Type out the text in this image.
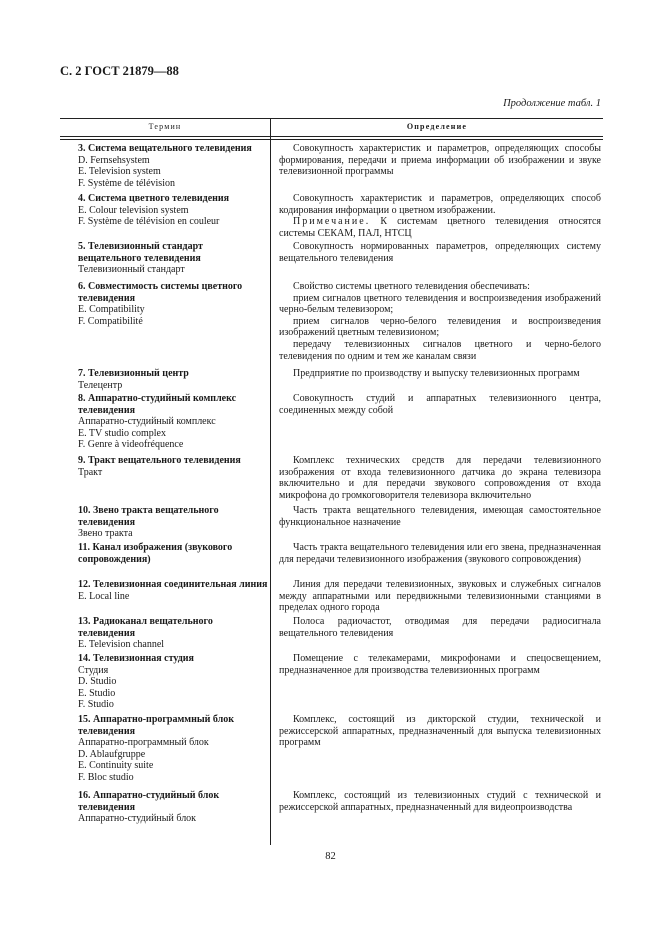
С. 2 ГОСТ 21879—88
Продолжение табл. 1
Термин	Определение
3. Система вещательного телевидения
D. Fernsehsystem
E. Television system
F. Système de télévision
Совокупность характеристик и параметров, определяющих способы формирования, передачи и приема информации об изображении и звуке телевизионной программы
4. Система цветного телевидения
E. Colour television system
F. Système de télévision en couleur
Совокупность характеристик и параметров, определяющих способ кодирования информации о цветном изображении.
Примечание. К системам цветного телевидения относятся системы СЕКАМ, ПАЛ, НТСЦ
5. Телевизионный стандарт вещательного телевидения
Телевизионный стандарт
Совокупность нормированных параметров, определяющих систему вещательного телевидения
6. Совместимость системы цветного телевидения
E. Compatibility
F. Compatibilité
Свойство системы цветного телевидения обеспечивать:
прием сигналов цветного телевидения и воспроизведения изображений черно-белым телевизором;
прием сигналов черно-белого телевидения и воспроизведения изображений цветным телевизионом;
передачу телевизионных сигналов цветного и черно-белого телевидения по одним и тем же каналам связи
7. Телевизионный центр
Телецентр
Предприятие по производству и выпуску телевизионных программ
8. Аппаратно-студийный комплекс телевидения
Аппаратно-студийный комплекс
E. TV studio complex
F. Genre à videofréquence
Совокупность студий и аппаратных телевизионного центра, соединенных между собой
9. Тракт вещательного телевидения
Тракт
Комплекс технических средств для передачи телевизионного изображения от входа телевизионного датчика до экрана телевизора включительно и для передачи звукового сопровождения от входа микрофона до громкоговорителя телевизора включительно
10. Звено тракта вещательного телевидения
Звено тракта
Часть тракта вещательного телевидения, имеющая самостоятельное функциональное назначение
11. Канал изображения (звукового сопровождения)
Часть тракта вещательного телевидения или его звена, предназначенная для передачи телевизионного изображения (звукового сопровождения)
12. Телевизионная соединительная линия
E. Local line
Линия для передачи телевизионных, звуковых и служебных сигналов между аппаратными или передвижными телевизионными станциями в пределах одного города
13. Радиоканал вещательного телевидения
E. Television channel
Полоса радиочастот, отводимая для передачи радиосигнала вещательного телевидения
14. Телевизионная студия
Студия
D. Studio
E. Studio
F. Studio
Помещение с телекамерами, микрофонами и спецосвещением, предназначенное для производства телевизионных программ
15. Аппаратно-программный блок телевидения
Аппаратно-программный блок
D. Ablaufgruppe
E. Continuity suite
F. Bloc studio
Комплекс, состоящий из дикторской студии, технической и режиссерской аппаратных, предназначенный для выпуска телевизионных программ
16. Аппаратно-студийный блок телевидения
Аппаратно-студийный блок
Комплекс, состоящий из телевизионных студий с технической и режиссерской аппаратных, предназначенный для видеопроизводства
82
